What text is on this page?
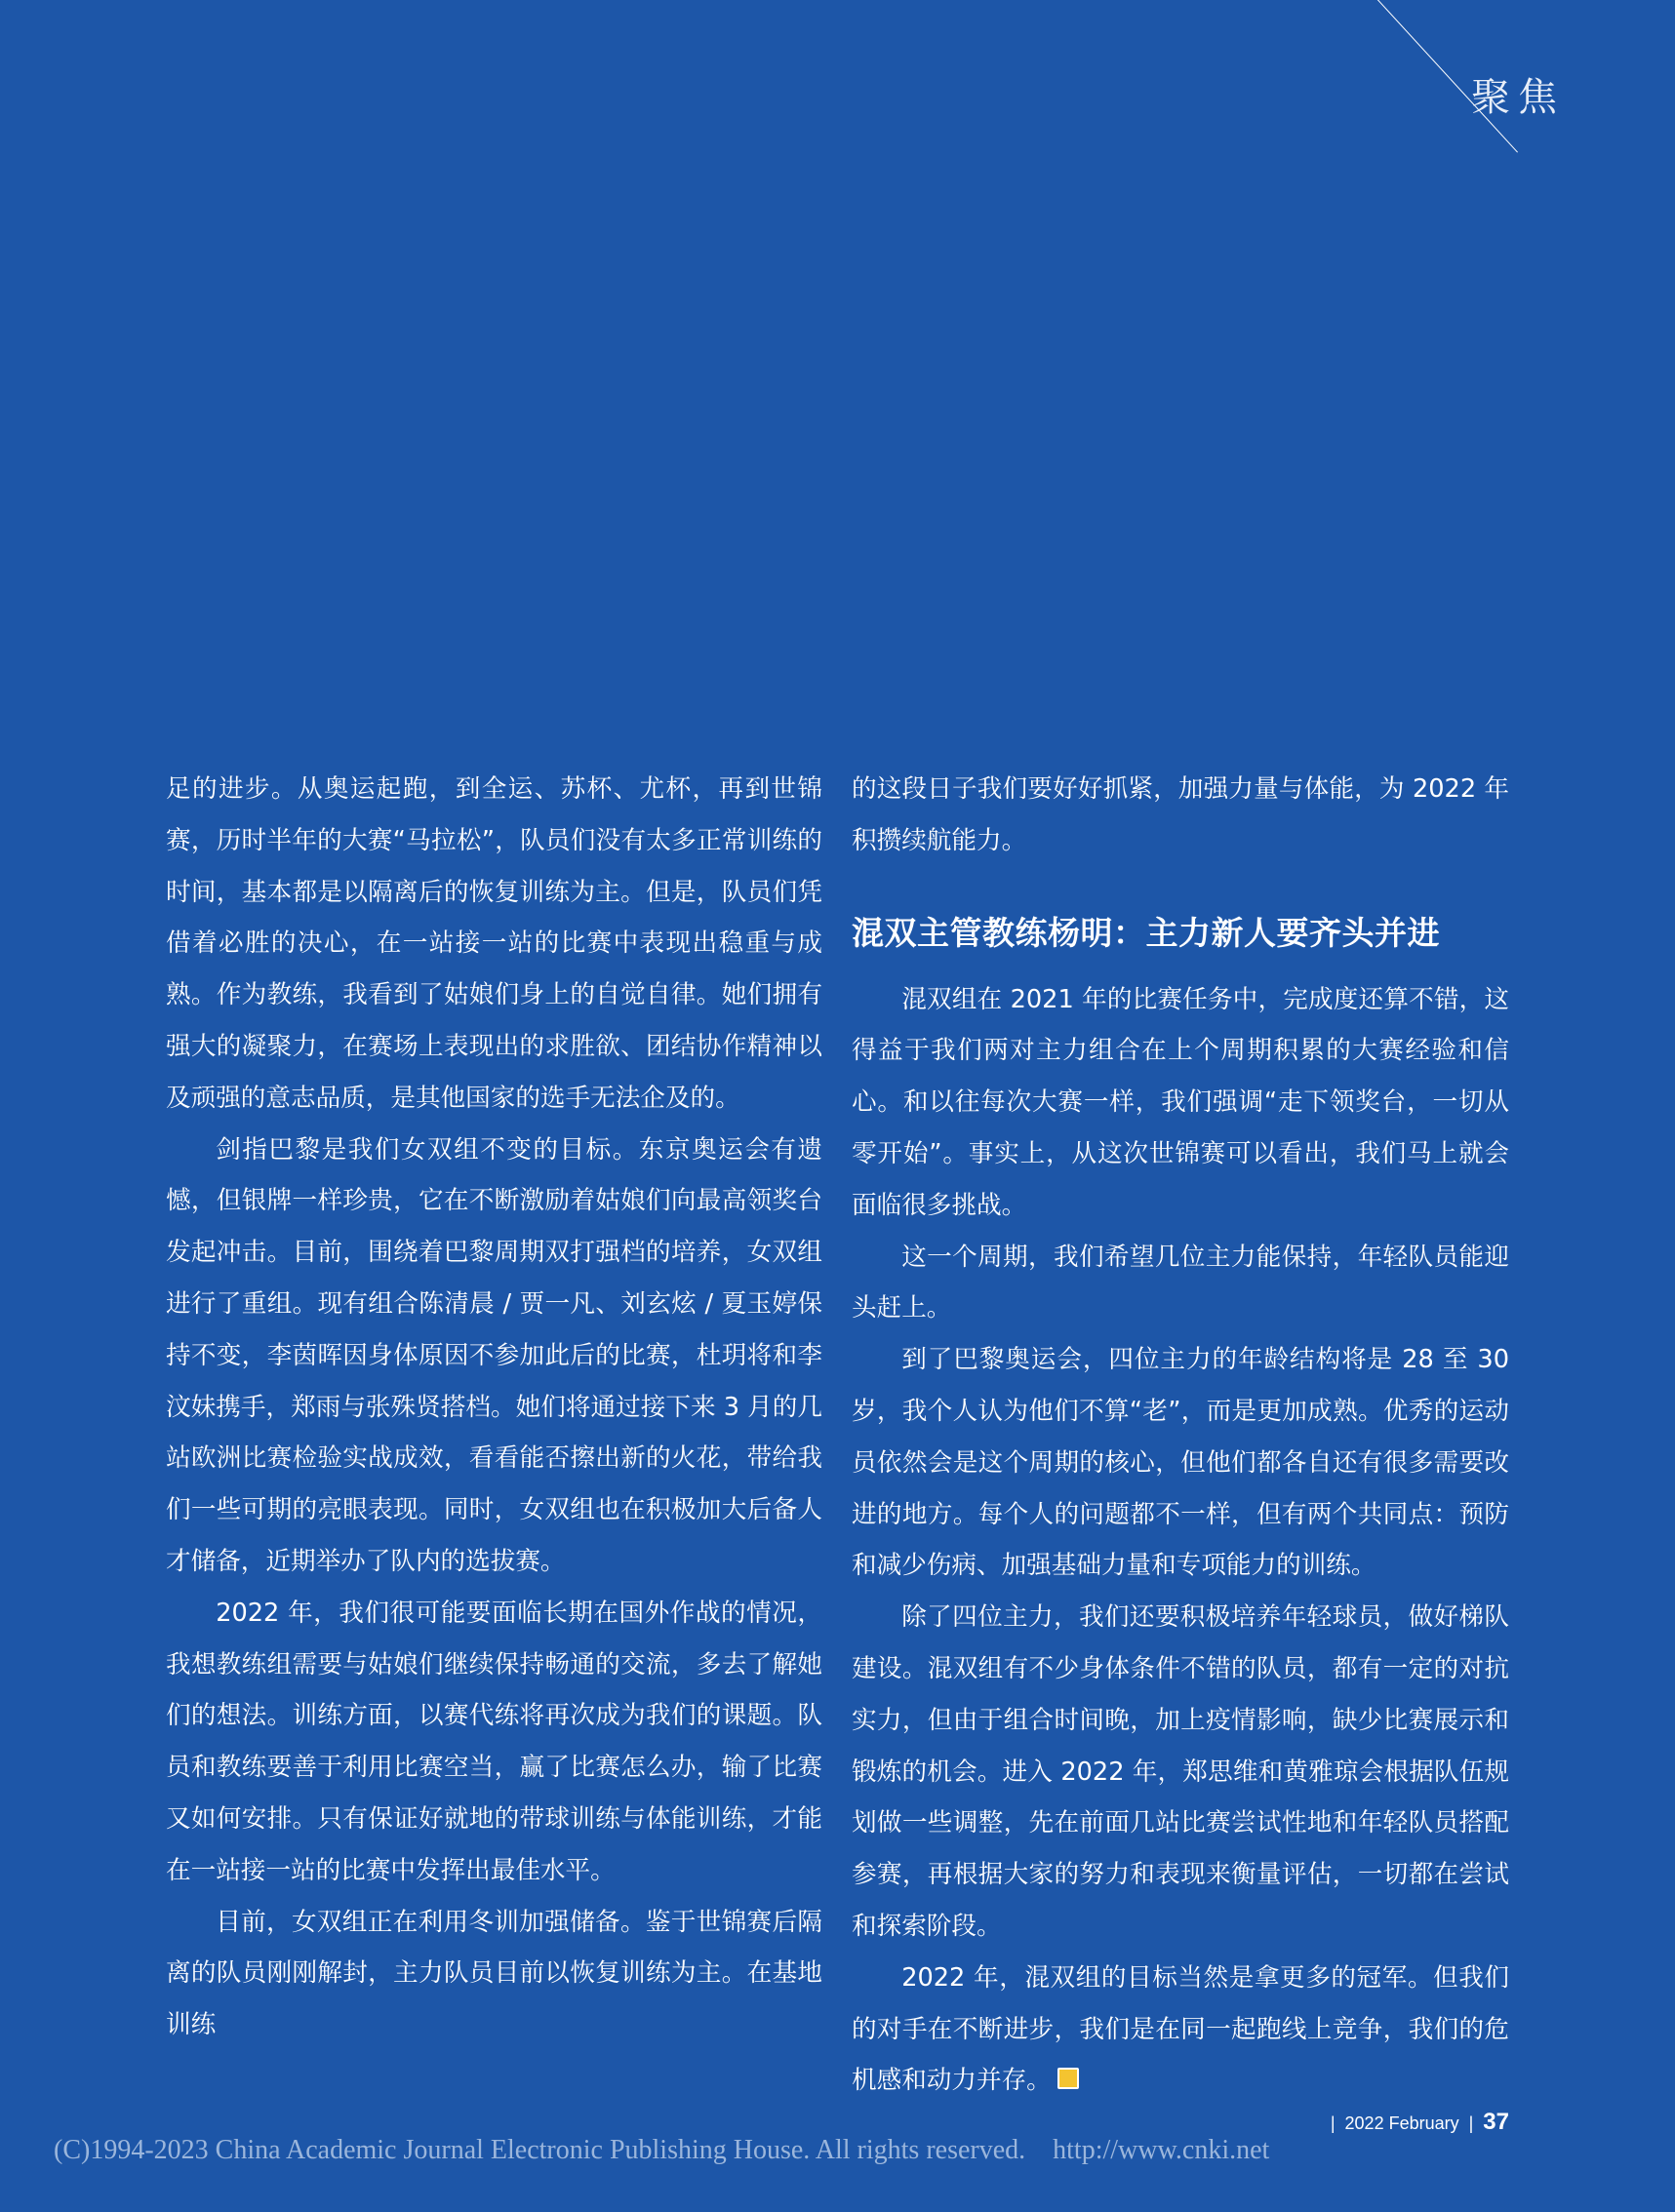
聚焦

足的进步。从奥运起跑，到全运、苏杯、尤杯，再到世锦赛，历时半年的大赛“马拉松”，队员们没有太多正常训练的时间，基本都是以隔离后的恢复训练为主。但是，队员们凭借着必胜的决心，在一站接一站的比赛中表现出稳重与成熟。作为教练，我看到了姑娘们身上的自觉自律。她们拥有强大的凝聚力，在赛场上表现出的求胜欲、团结协作精神以及顽强的意志品质，是其他国家的选手无法企及的。

剑指巴黎是我们女双组不变的目标。东京奥运会有遗憾，但银牌一样珍贵，它在不断激励着姑娘们向最高领奖台发起冲击。目前，围绕着巴黎周期双打强档的培养，女双组进行了重组。现有组合陈清晨 / 贾一凡、刘玄炫 / 夏玉婷保持不变，李茵晖因身体原因不参加此后的比赛，杜玥将和李汶妹携手，郑雨与张殊贤搭档。她们将通过接下来 3 月的几站欧洲比赛检验实战成效，看看能否擦出新的火花，带给我们一些可期的亮眼表现。同时，女双组也在积极加大后备人才储备，近期举办了队内的选拔赛。

2022 年，我们很可能要面临长期在国外作战的情况，我想教练组需要与姑娘们继续保持畅通的交流，多去了解她们的想法。训练方面，以赛代练将再次成为我们的课题。队员和教练要善于利用比赛空当，赢了比赛怎么办，输了比赛又如何安排。只有保证好就地的带球训练与体能训练，才能在一站接一站的比赛中发挥出最佳水平。

目前，女双组正在利用冬训加强储备。鉴于世锦赛后隔离的队员刚刚解封，主力队员目前以恢复训练为主。在基地训练

的这段日子我们要好好抓紧，加强力量与体能，为 2022 年积攒续航能力。

混双主管教练杨明：主力新人要齐头并进

混双组在 2021 年的比赛任务中，完成度还算不错，这得益于我们两对主力组合在上个周期积累的大赛经验和信心。和以往每次大赛一样，我们强调“走下领奖台，一切从零开始”。事实上，从这次世锦赛可以看出，我们马上就会面临很多挑战。

这一个周期，我们希望几位主力能保持，年轻队员能迎头赶上。

到了巴黎奥运会，四位主力的年龄结构将是 28 至 30 岁，我个人认为他们不算“老”，而是更加成熟。优秀的运动员依然会是这个周期的核心，但他们都各自还有很多需要改进的地方。每个人的问题都不一样，但有两个共同点：预防和减少伤病、加强基础力量和专项能力的训练。

除了四位主力，我们还要积极培养年轻球员，做好梯队建设。混双组有不少身体条件不错的队员，都有一定的对抗实力，但由于组合时间晚，加上疫情影响，缺少比赛展示和锻炼的机会。进入 2022 年，郑思维和黄雅琼会根据队伍规划做一些调整，先在前面几站比赛尝试性地和年轻队员搭配参赛，再根据大家的努力和表现来衡量评估，一切都在尝试和探索阶段。

2022 年，混双组的目标当然是拿更多的冠军。但我们的对手在不断进步，我们是在同一起跑线上竞争，我们的危机感和动力并存。

| 2022 February | 37
(C)1994-2023 China Academic Journal Electronic Publishing House. All rights reserved.    http://www.cnki.net
